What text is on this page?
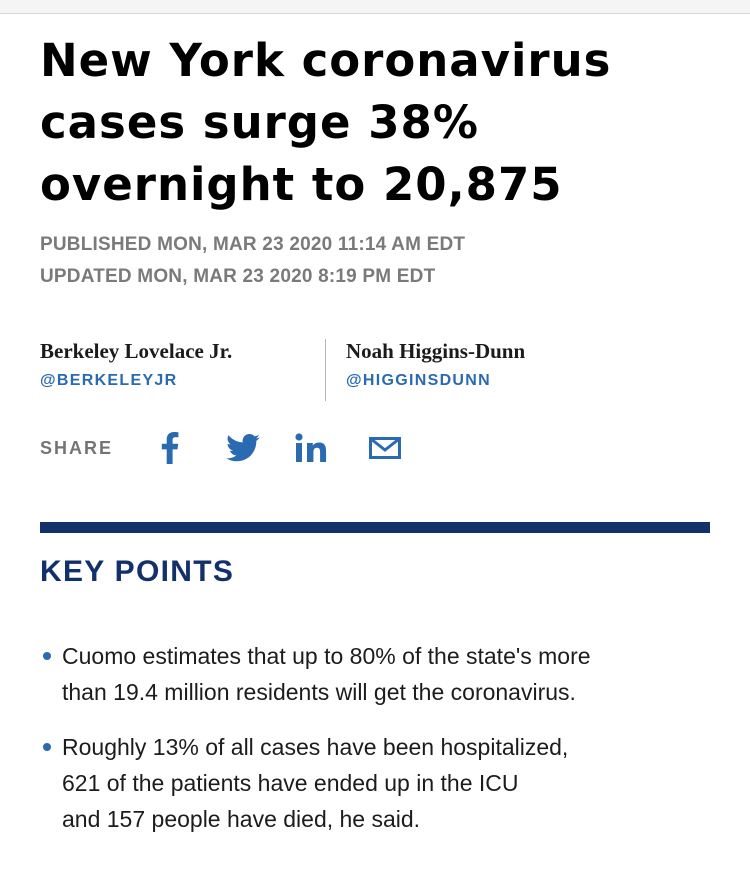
New York coronavirus
cases surge 38%
overnight to 20,875
PUBLISHED MON, MAR 23 2020 11:14 AM EDT
UPDATED MON, MAR 23 2020 8:19 PM EDT
Berkeley Lovelace Jr.
@BERKELEYJR
Noah Higgins-Dunn
@HIGGINSDUNN
SHARE
KEY POINTS
Cuomo estimates that up to 80% of the state's more
than 19.4 million residents will get the coronavirus.
Roughly 13% of all cases have been hospitalized,
621 of the patients have ended up in the ICU
and 157 people have died, he said.
